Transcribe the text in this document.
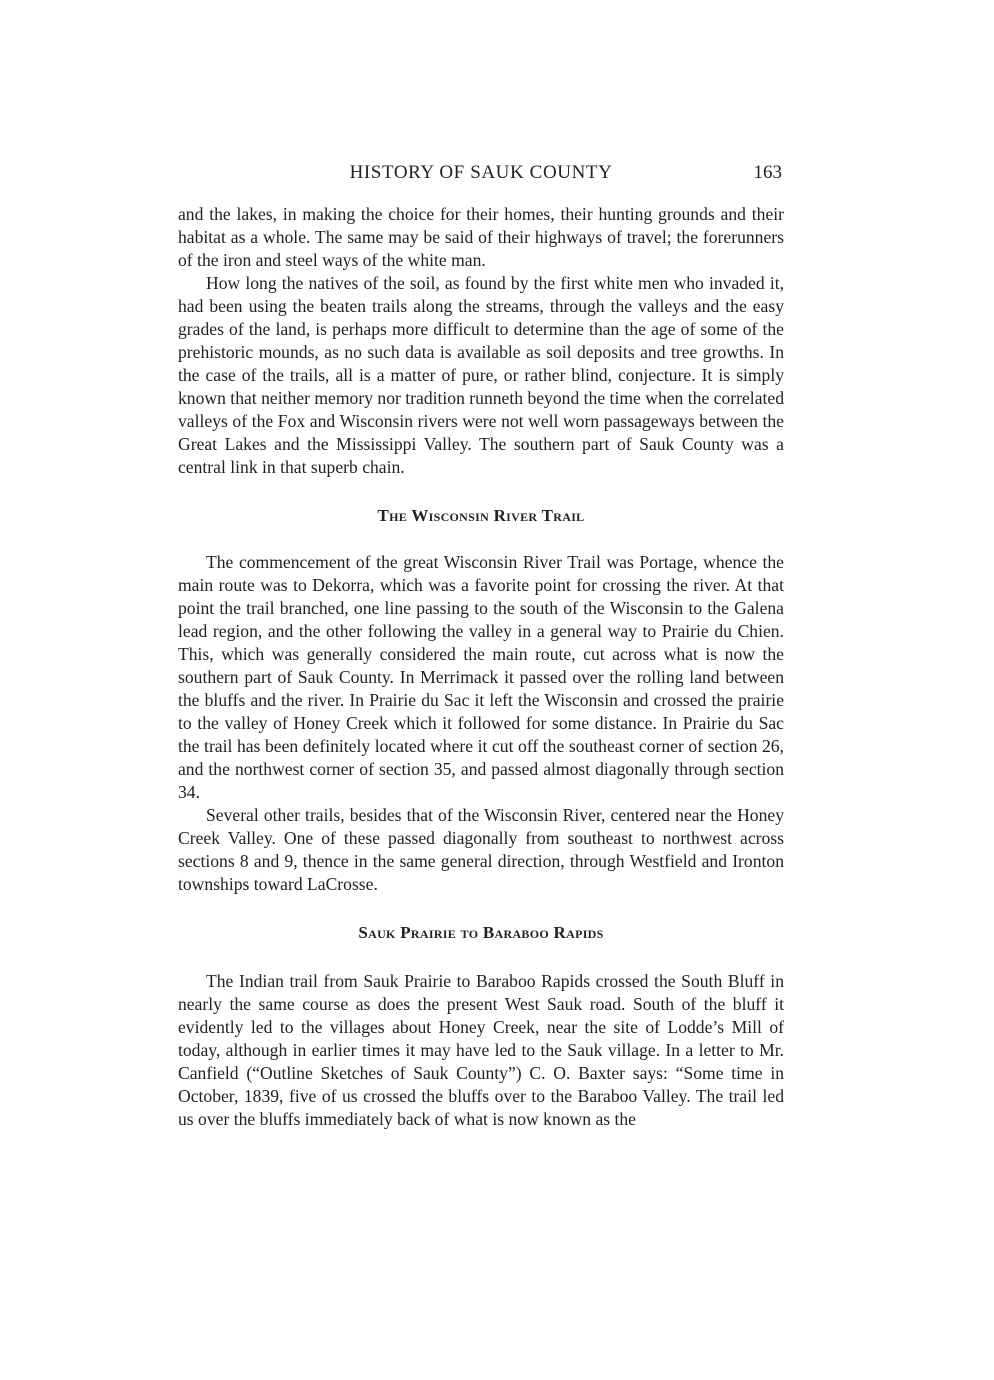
HISTORY OF SAUK COUNTY	163

and the lakes, in making the choice for their homes, their hunting grounds and their habitat as a whole. The same may be said of their highways of travel; the forerunners of the iron and steel ways of the white man.

How long the natives of the soil, as found by the first white men who invaded it, had been using the beaten trails along the streams, through the valleys and the easy grades of the land, is perhaps more difficult to determine than the age of some of the prehistoric mounds, as no such data is available as soil deposits and tree growths. In the case of the trails, all is a matter of pure, or rather blind, conjecture. It is simply known that neither memory nor tradition runneth beyond the time when the correlated valleys of the Fox and Wisconsin rivers were not well worn passageways between the Great Lakes and the Mississippi Valley. The southern part of Sauk County was a central link in that superb chain.

The Wisconsin River Trail

The commencement of the great Wisconsin River Trail was Portage, whence the main route was to Dekorra, which was a favorite point for crossing the river. At that point the trail branched, one line passing to the south of the Wisconsin to the Galena lead region, and the other following the valley in a general way to Prairie du Chien. This, which was generally considered the main route, cut across what is now the southern part of Sauk County. In Merrimack it passed over the rolling land between the bluffs and the river. In Prairie du Sac it left the Wisconsin and crossed the prairie to the valley of Honey Creek which it followed for some distance. In Prairie du Sac the trail has been definitely located where it cut off the southeast corner of section 26, and the northwest corner of section 35, and passed almost diagonally through section 34.

Several other trails, besides that of the Wisconsin River, centered near the Honey Creek Valley. One of these passed diagonally from southeast to northwest across sections 8 and 9, thence in the same general direction, through Westfield and Ironton townships toward LaCrosse.

Sauk Prairie to Baraboo Rapids

The Indian trail from Sauk Prairie to Baraboo Rapids crossed the South Bluff in nearly the same course as does the present West Sauk road. South of the bluff it evidently led to the villages about Honey Creek, near the site of Lodde’s Mill of today, although in earlier times it may have led to the Sauk village. In a letter to Mr. Canfield (“Outline Sketches of Sauk County”) C. O. Baxter says: “Some time in October, 1839, five of us crossed the bluffs over to the Baraboo Valley. The trail led us over the bluffs immediately back of what is now known as the
